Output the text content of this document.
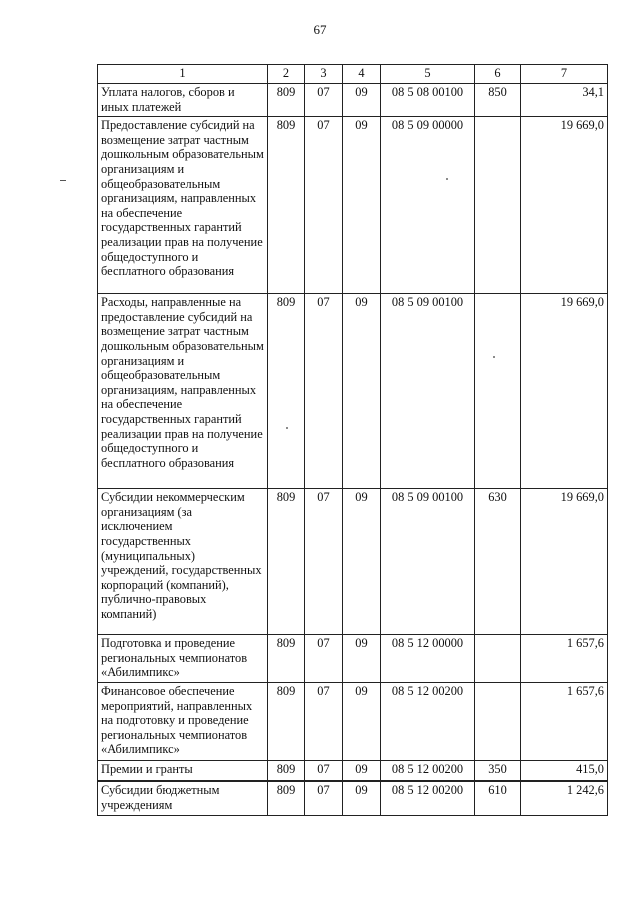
67
1	2	3	4	5	6	7
Уплата налогов, сборов и иных платежей	809	07	09	08 5 08 00100	850	34,1
Предоставление субсидий на возмещение затрат частным дошкольным образовательным организациям и общеобразовательным организациям, направленных на обеспечение государственных гарантий реализации прав на получение общедоступного и бесплатного образования	809	07	09	08 5 09 00000		19 669,0
Расходы, направленные на предоставление субсидий на возмещение затрат частным дошкольным образовательным организациям и общеобразовательным организациям, направленных на обеспечение государственных гарантий реализации прав на получение общедоступного и бесплатного образования	809	07	09	08 5 09 00100		19 669,0
Субсидии некоммерческим организациям (за исключением государственных (муниципальных) учреждений, государственных корпораций (компаний), публично-правовых компаний)	809	07	09	08 5 09 00100	630	19 669,0
Подготовка и проведение региональных чемпионатов «Абилимпикс»	809	07	09	08 5 12 00000		1 657,6
Финансовое обеспечение мероприятий, направленных на подготовку и проведение региональных чемпионатов «Абилимпикс»	809	07	09	08 5 12 00200		1 657,6
Премии и гранты	809	07	09	08 5 12 00200	350	415,0
Субсидии бюджетным учреждениям	809	07	09	08 5 12 00200	610	1 242,6
